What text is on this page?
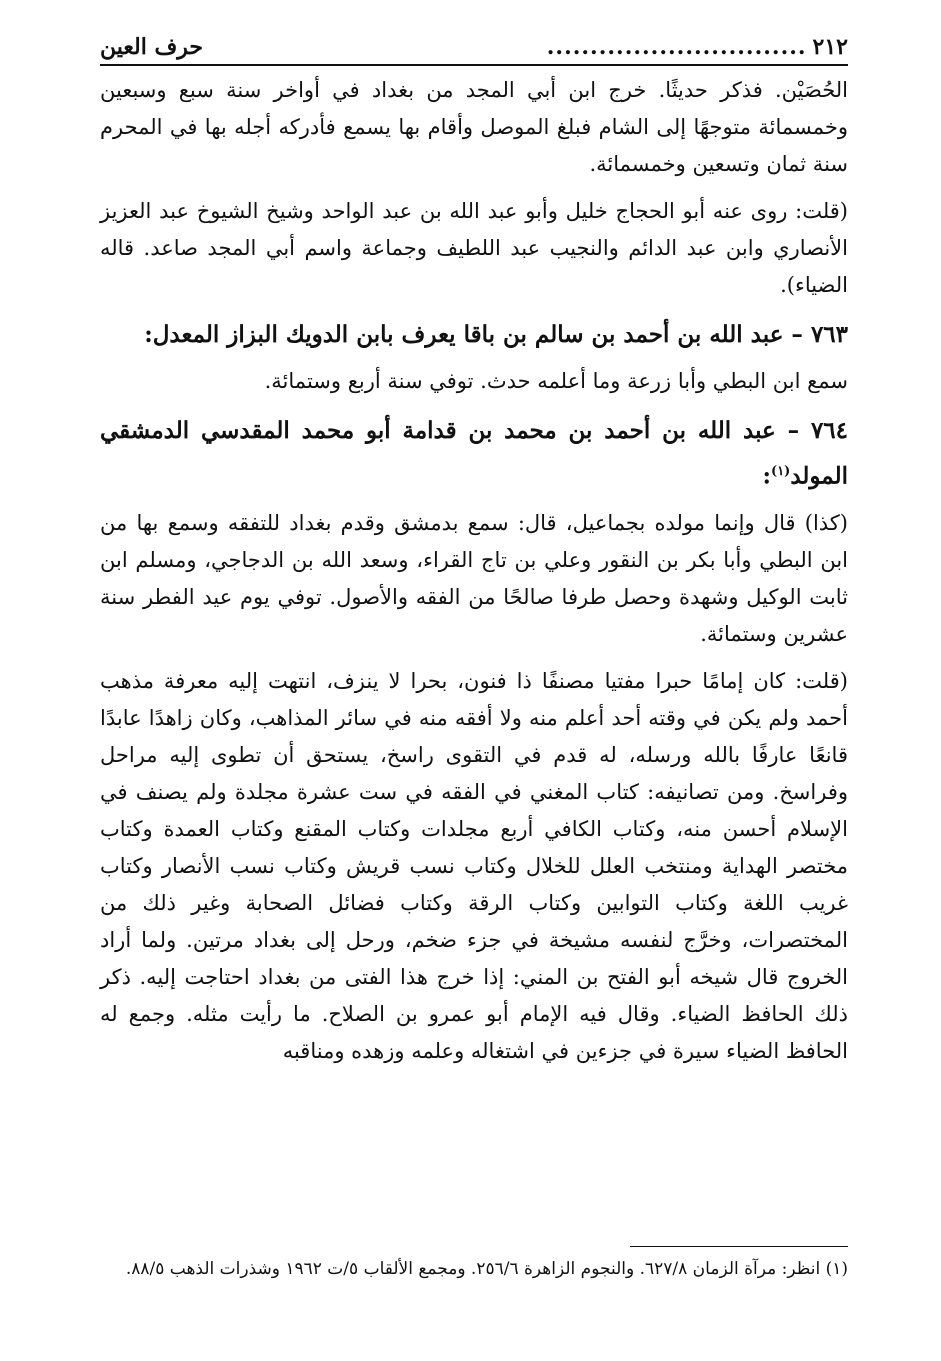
٢١٢
..............................
حرف العين

الحُصَيْن. فذكر حديثًا. خرج ابن أبي المجد من بغداد في أواخر سنة سبع وسبعين وخمسمائة متوجهًا إلى الشام فبلغ الموصل وأقام بها يسمع فأدركه أجله بها في المحرم سنة ثمان وتسعين وخمسمائة.

(قلت: روى عنه أبو الحجاج خليل وأبو عبد الله بن عبد الواحد وشيخ الشيوخ عبد العزيز الأنصاري وابن عبد الدائم والنجيب عبد اللطيف وجماعة واسم أبي المجد صاعد. قاله الضياء).

٧٦٣ – عبد الله بن أحمد بن سالم بن باقا يعرف بابن الدويك البزاز المعدل:

سمع ابن البطي وأبا زرعة وما أعلمه حدث. توفي سنة أربع وستمائة.

٧٦٤ – عبد الله بن أحمد بن محمد بن قدامة أبو محمد المقدسي الدمشقي المولد$^{(١)}$:

(كذا) قال وإنما مولده بجماعيل، قال: سمع بدمشق وقدم بغداد للتفقه وسمع بها من ابن البطي وأبا بكر بن النقور وعلي بن تاج القراء، وسعد الله بن الدجاجي، ومسلم ابن ثابت الوكيل وشهدة وحصل طرفا صالحًا من الفقه والأصول. توفي يوم عيد الفطر سنة عشرين وستمائة.

(قلت: كان إمامًا حبرا مفتيا مصنفًا ذا فنون، بحرا لا ينزف، انتهت إليه معرفة مذهب أحمد ولم يكن في وقته أحد أعلم منه ولا أفقه منه في سائر المذاهب، وكان زاهدًا عابدًا قانعًا عارفًا بالله ورسله، له قدم في التقوى راسخ، يستحق أن تطوى إليه مراحل وفراسخ. ومن تصانيفه: كتاب المغني في الفقه في ست عشرة مجلدة ولم يصنف في الإسلام أحسن منه، وكتاب الكافي أربع مجلدات وكتاب المقنع وكتاب العمدة وكتاب مختصر الهداية ومنتخب العلل للخلال وكتاب نسب قريش وكتاب نسب الأنصار وكتاب غريب اللغة وكتاب التوابين وكتاب الرقة وكتاب فضائل الصحابة وغير ذلك من المختصرات، وخرَّج لنفسه مشيخة في جزء ضخم، ورحل إلى بغداد مرتين. ولما أراد الخروج قال شيخه أبو الفتح بن المني: إذا خرج هذا الفتى من بغداد احتاجت إليه. ذكر ذلك الحافظ الضياء. وقال فيه الإمام أبو عمرو بن الصلاح. ما رأيت مثله. وجمع له الحافظ الضياء سيرة في جزءين في اشتغاله وعلمه وزهده ومناقبه

(١) انظر: مرآة الزمان ٦٢٧/٨. والنجوم الزاهرة ٢٥٦/٦. ومجمع الألقاب ٥/ت ١٩٦٢ وشذرات الذهب ٨٨/٥.
